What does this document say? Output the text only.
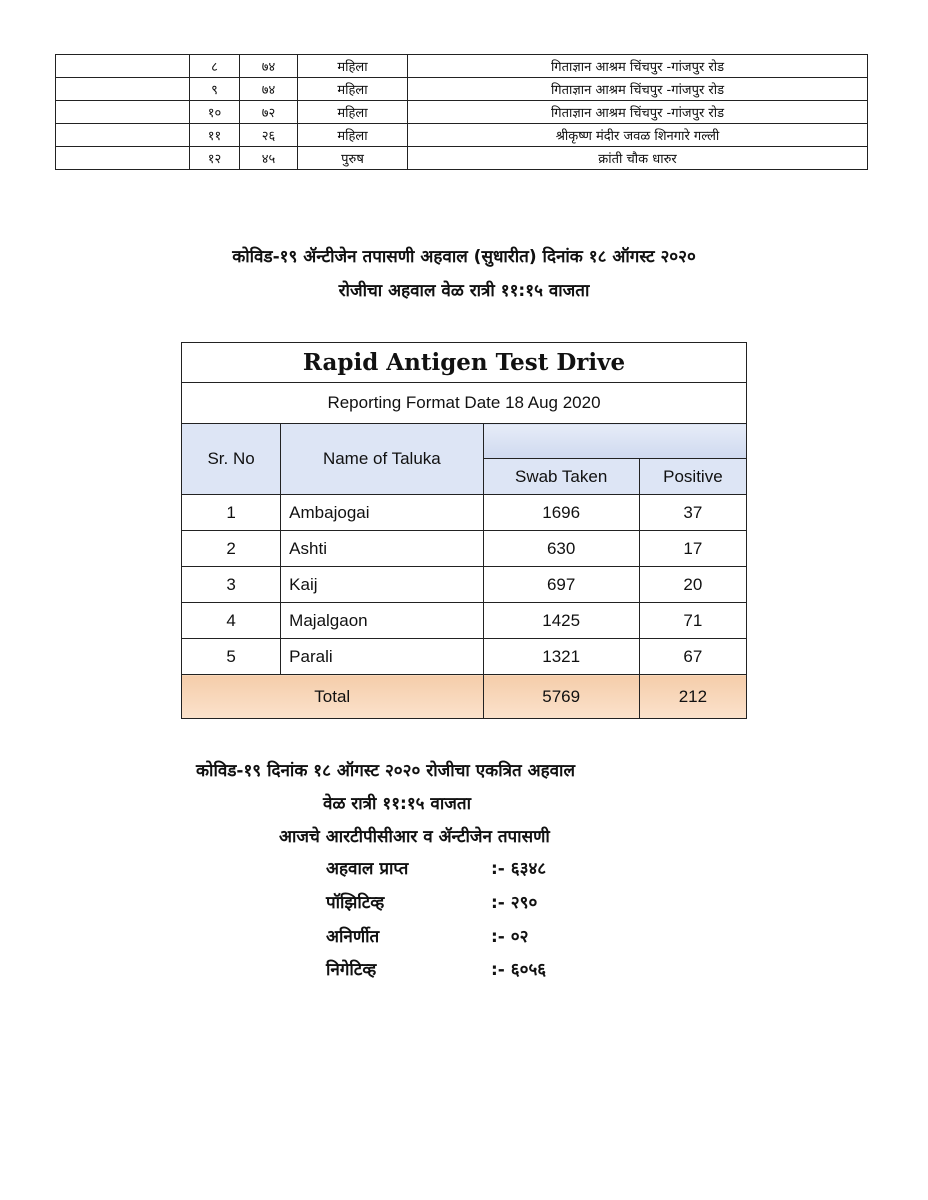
	८	७४	महिला	गिताज्ञान आश्रम चिंचपुर -गांजपुर रोड	
	९	७४	महिला	गिताज्ञान आश्रम चिंचपुर -गांजपुर रोड	
	१०	७२	महिला	गिताज्ञान आश्रम चिंचपुर -गांजपुर रोड	
	११	२६	महिला	श्रीकृष्ण मंदीर जवळ शिनगारे गल्ली	
	१२	४५	पुरुष	क्रांती चौक धारुर	
कोविड-१९ ॲन्टीजेन तपासणी अहवाल (सुधारीत) दिनांक १८ ऑगस्ट २०२०
रोजीचा अहवाल वेळ रात्री ११:१५ वाजता
Rapid Antigen Test Drive			
Reporting Format Date 18 Aug 2020			
Sr. No	Name of Taluka		
		Swab Taken	Positive
1	Ambajogai	1696	37
2	Ashti	630	17
3	Kaij	697	20
4	Majalgaon	1425	71
5	Parali	1321	67
Total		5769	212
कोविड-१९ दिनांक १८ ऑगस्ट २०२० रोजीचा एकत्रित अहवाल
वेळ रात्री ११:१५ वाजता
आजचे आरटीपीसीआर व ॲन्टीजेन तपासणी
अहवाल प्राप्त	:- ६३४८
पॉझिटिव्ह	:- २९०
अनिर्णीत	:- ०२
निगेटिव्ह	:- ६०५६
